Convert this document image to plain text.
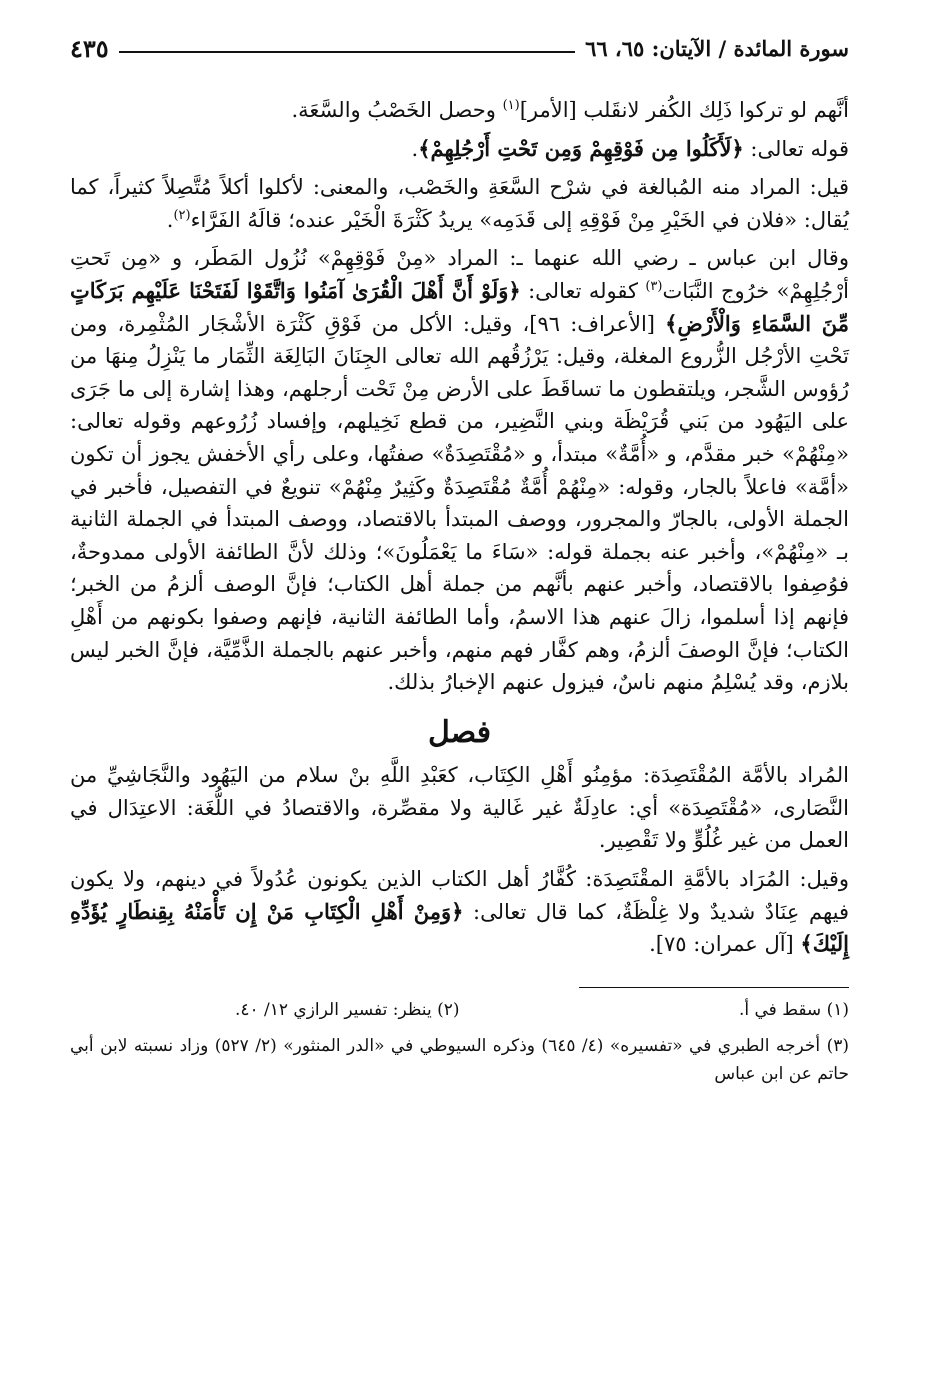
سورة المائدة / الآيتان: ٦٥، ٦٦
٤٣٥

أنَّهم لو تركوا ذَلِك الكُفر لانقَلب [الأمر]$^{(١)}$ وحصل الخَصْبُ والسَّعَة.

قوله تعالى: ﴿لَأَكَلُوا مِن فَوْقِهِمْ وَمِن تَحْتِ أَرْجُلِهِمْ﴾.

قيل: المراد منه المُبالغة في شرْح السَّعَةِ والخَصْب، والمعنى: لأكلوا أكلاً مُتَّصِلاً كثيراً، كما يُقال: «فلان في الخَيْرِ مِنْ فَوْقِهِ إلى قَدَمِه» يريدُ كَثْرَةَ الْخَيْر عنده؛ قالَهُ الفَرَّاء$^{(٢)}$.

وقال ابن عباس ـ رضي الله عنهما ـ: المراد «مِنْ فَوْقِهِمْ» نُزُول المَطَر، و «مِن تَحتِ أرْجُلِهِمْ» خرُوج النَّبَات$^{(٣)}$ كقوله تعالى: ﴿وَلَوْ أَنَّ أَهْلَ الْقُرَىٰ آمَنُوا وَاتَّقَوْا لَفَتَحْنَا عَلَيْهِم بَرَكَاتٍ مِّنَ السَّمَاءِ وَالْأَرْضِ﴾ [الأعراف: ٩٦]، وقيل: الأكل من فَوْقِ كَثْرَة الأشْجَار المُثْمِرة، ومن تَحْتِ الأرْجُل الزُّروع المغلة، وقيل: يَرْزُقُهم الله تعالى الجِنَانَ البَالِغَة الثِّمَار ما يَنْزِلُ مِنهَا من رُؤوس الشَّجر، ويلتقطون ما تساقَطَ على الأرض مِنْ تَحْت أرجلهم، وهذا إشارة إلى ما جَرَى على اليَهُود من بَني قُرَيْظَة وبني النَّضِير، من قطع نَخِيلهم، وإفساد زُرُوعهم وقوله تعالى: «مِنْهُمْ» خبر مقدَّم، و «أُمَّةٌ» مبتدأ، و «مُقْتَصِدَةٌ» صفتُها، وعلى رأي الأخفش يجوز أن تكون «أمَّة» فاعلاً بالجار، وقوله: «مِنْهُمْ أُمَّةٌ مُقْتَصِدَةٌ وكَثِيرٌ مِنْهُمْ» تنويعٌ في التفصيل، فأخبر في الجملة الأولى، بالجارّ والمجرور، ووصف المبتدأ بالاقتصاد، ووصف المبتدأ في الجملة الثانية بـ «مِنْهُمْ»، وأخبر عنه بجملة قوله: «سَاءَ ما يَعْمَلُونَ»؛ وذلك لأنَّ الطائفة الأولى ممدوحةٌ، فوُصِفوا بالاقتصاد، وأخبر عنهم بأنَّهم من جملة أهل الكتاب؛ فإنَّ الوصف ألزمُ من الخبر؛ فإنهم إذا أسلموا، زالَ عنهم هذا الاسمُ، وأما الطائفة الثانية، فإنهم وصفوا بكونهم من أَهْلِ الكتاب؛ فإنَّ الوصفَ ألزمُ، وهم كفَّار فهم منهم، وأخبر عنهم بالجملة الذَّمِّيَّة، فإنَّ الخبر ليس بلازم، وقد يُسْلِمُ منهم ناسٌ، فيزول عنهم الإخبارُ بذلك.

فصل

المُراد بالأمَّة المُقْتَصِدَة: مؤمِنُو أَهْلِ الكِتَاب، كعَبْدِ اللَّهِ بنْ سلام من اليَهُود والنَّجَاشِيِّ من النَّصَارى، «مُقْتَصِدَة» أي: عادِلَةٌ غير غَالية ولا مقصِّرة، والاقتصادُ في اللُّغَة: الاعتِدَال في العمل من غير غُلُوٍّ ولا تَقْصِير.

وقيل: المُرَاد بالأمَّةِ المقْتَصِدَة: كُفَّارُ أهل الكتاب الذين يكونون عُدُولاً في دينهم، ولا يكون فيهم عِنَادٌ شديدٌ ولا غِلْظَةٌ، كما قال تعالى: ﴿وَمِنْ أَهْلِ الْكِتَابِ مَنْ إِن تَأْمَنْهُ بِقِنطَارٍ يُؤَدِّهِ إِلَيْكَ﴾ [آل عمران: ٧٥].

(١) سقط في أ.
(٢) ينظر: تفسير الرازي ١٢/ ٤٠.
(٣) أخرجه الطبري في «تفسيره» (٤/ ٦٤٥) وذكره السيوطي في «الدر المنثور» (٢/ ٥٢٧) وزاد نسبته لابن أبي حاتم عن ابن عباس
